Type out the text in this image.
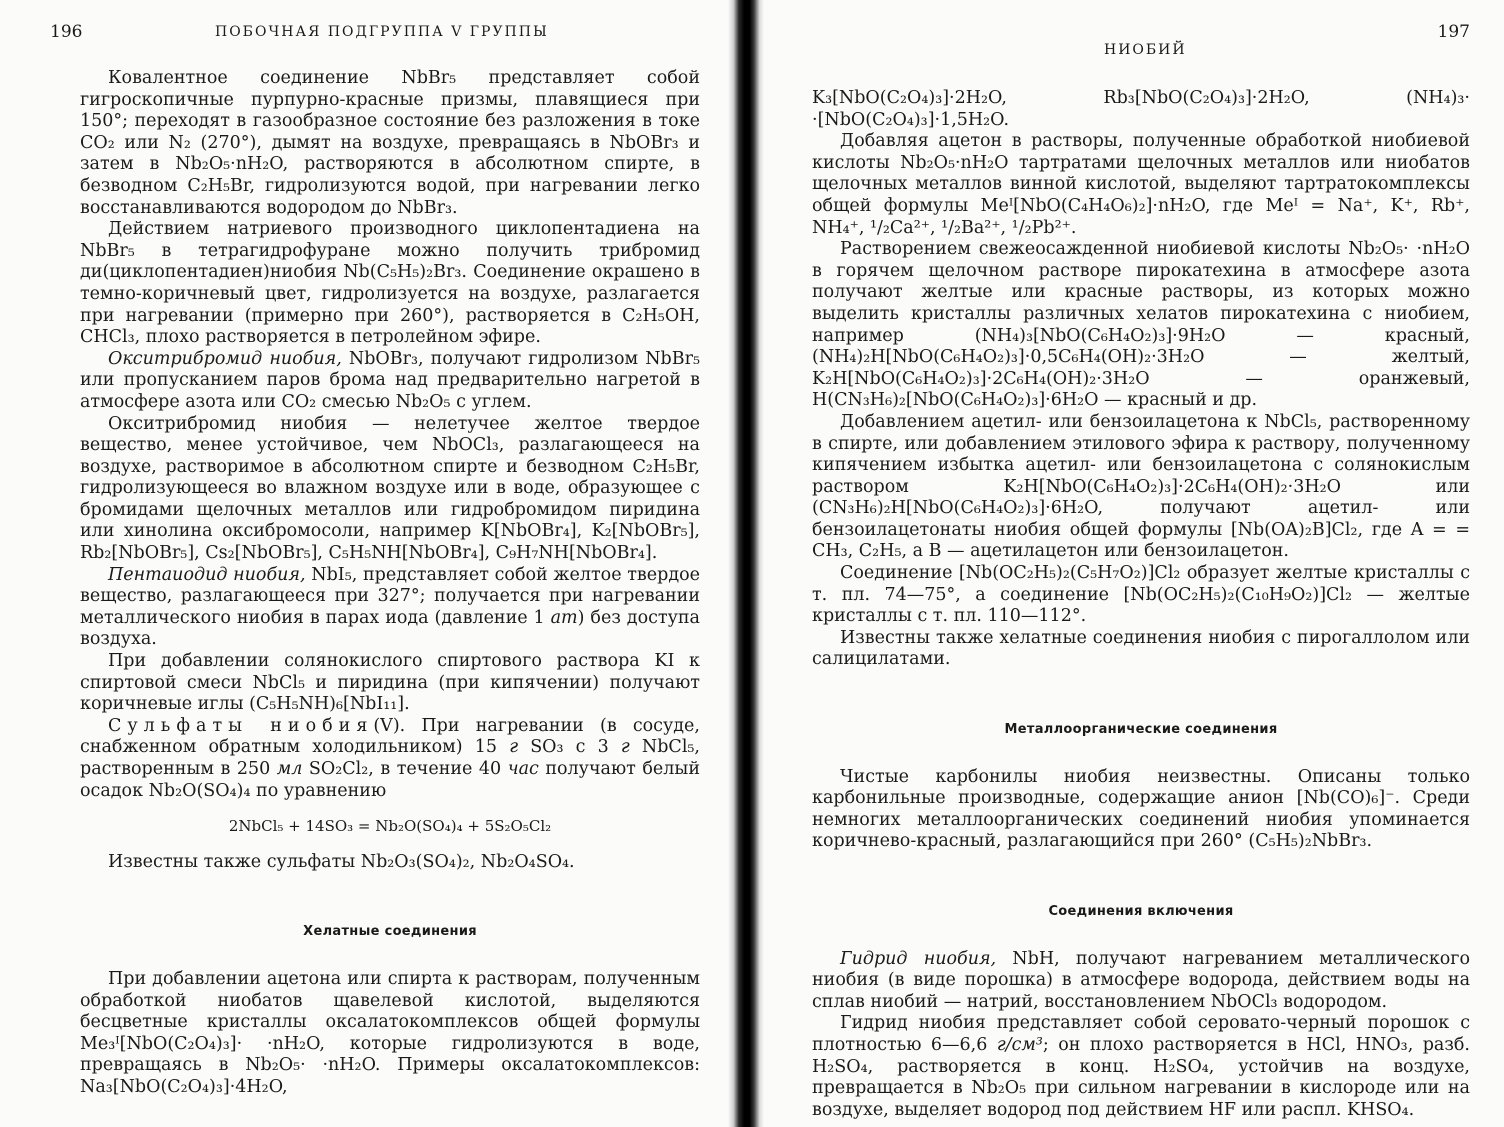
196	ПОБОЧНАЯ ПОДГРУППА V ГРУППЫ

Ковалентное соединение NbBr₅ представляет собой гигроскопичные пурпурно-красные призмы, плавящиеся при 150°; переходят в газообразное состояние без разложения в токе CO₂ или N₂ (270°), дымят на воздухе, превращаясь в NbOBr₃ и затем в Nb₂O₅·nH₂O, растворяются в абсолютном спирте, в безводном C₂H₅Br, гидролизуются водой, при нагревании легко восстанавливаются водородом до NbBr₃.

Действием натриевого производного циклопентадиена на NbBr₅ в тетрагидрофуране можно получить трибромид ди(циклопентадиен)ниобия Nb(C₅H₅)₂Br₃. Соединение окрашено в темно-коричневый цвет, гидролизуется на воздухе, разлагается при нагревании (примерно при 260°), растворяется в C₂H₅OH, CHCl₃, плохо растворяется в петролейном эфире.

Окситрибромид ниобия, NbOBr₃, получают гидролизом NbBr₅ или пропусканием паров брома над предварительно нагретой в атмосфере азота или CO₂ смесью Nb₂O₅ с углем.

Окситрибромид ниобия — нелетучее желтое твердое вещество, менее устойчивое, чем NbOCl₃, разлагающееся на воздухе, растворимое в абсолютном спирте и безводном C₂H₅Br, гидролизующееся во влажном воздухе или в воде, образующее с бромидами щелочных металлов или гидробромидом пиридина или хинолина оксибромосоли, например K[NbOBr₄], K₂[NbOBr₅], Rb₂[NbOBr₅], Cs₂[NbOBr₅], C₅H₅NH[NbOBr₄], C₉H₇NH[NbOBr₄].

Пентаиодид ниобия, NbI₅, представляет собой желтое твердое вещество, разлагающееся при 327°; получается при нагревании металлического ниобия в парах иода (давление 1 ат) без доступа воздуха.

При добавлении солянокислого спиртового раствора KI к спиртовой смеси NbCl₅ и пиридина (при кипячении) получают коричневые иглы (C₅H₅NH)₆[NbI₁₁].

Сульфаты ниобия(V). При нагревании (в сосуде, снабженном обратным холодильником) 15 г SO₃ с 3 г NbCl₅, растворенным в 250 мл SO₂Cl₂, в течение 40 час получают белый осадок Nb₂O(SO₄)₄ по уравнению

2NbCl₅ + 14SO₃ = Nb₂O(SO₄)₄ + 5S₂O₅Cl₂

Известны также сульфаты Nb₂O₃(SO₄)₂, Nb₂O₄SO₄.

Хелатные соединения

При добавлении ацетона или спирта к растворам, полученным обработкой ниобатов щавелевой кислотой, выделяются бесцветные кристаллы оксалатокомплексов общей формулы Me₃ᴵ[NbO(C₂O₄)₃]· ·nH₂O, которые гидролизуются в воде, превращаясь в Nb₂O₅· ·nH₂O. Примеры оксалатокомплексов: Na₃[NbO(C₂O₄)₃]·4H₂O,

НИОБИЙ
197

K₃[NbO(C₂O₄)₃]·2H₂O, Rb₃[NbO(C₂O₄)₃]·2H₂O, (NH₄)₃· ·[NbO(C₂O₄)₃]·1,5H₂O.

Добавляя ацетон в растворы, полученные обработкой ниобиевой кислоты Nb₂O₅·nH₂O тартратами щелочных металлов или ниобатов щелочных металлов винной кислотой, выделяют тартратокомплексы общей формулы Meᴵ[NbO(C₄H₄O₆)₂]·nH₂O, где Meᴵ = Na⁺, K⁺, Rb⁺, NH₄⁺, ¹/₂Ca²⁺, ¹/₂Ba²⁺, ¹/₂Pb²⁺.

Растворением свежеосажденной ниобиевой кислоты Nb₂O₅· ·nH₂O в горячем щелочном растворе пирокатехина в атмосфере азота получают желтые или красные растворы, из которых можно выделить кристаллы различных хелатов пирокатехина с ниобием, например (NH₄)₃[NbO(C₆H₄O₂)₃]·9H₂O — красный, (NH₄)₂H[NbO(C₆H₄O₂)₃]·0,5C₆H₄(OH)₂·3H₂O — желтый, K₂H[NbO(C₆H₄O₂)₃]·2C₆H₄(OH)₂·3H₂O — оранжевый, H(CN₃H₆)₂[NbO(C₆H₄O₂)₃]·6H₂O — красный и др.

Добавлением ацетил- или бензоилацетона к NbCl₅, растворенному в спирте, или добавлением этилового эфира к раствору, полученному кипячением избытка ацетил- или бензоилацетона с солянокислым раствором K₂H[NbO(C₆H₄O₂)₃]·2C₆H₄(OH)₂·3H₂O или (CN₃H₆)₂H[NbO(C₆H₄O₂)₃]·6H₂O, получают ацетил- или бензоилацетонаты ниобия общей формулы [Nb(OA)₂B]Cl₂, где A = = CH₃, C₂H₅, а B — ацетилацетон или бензоилацетон.

Соединение [Nb(OC₂H₅)₂(C₅H₇O₂)]Cl₂ образует желтые кристаллы с т. пл. 74—75°, а соединение [Nb(OC₂H₅)₂(C₁₀H₉O₂)]Cl₂ — желтые кристаллы с т. пл. 110—112°.

Известны также хелатные соединения ниобия с пирогаллолом или салицилатами.

Металлоорганические соединения

Чистые карбонилы ниобия неизвестны. Описаны только карбонильные производные, содержащие анион [Nb(CO)₆]⁻. Среди немногих металлоорганических соединений ниобия упоминается коричнево-красный, разлагающийся при 260° (C₅H₅)₂NbBr₃.

Соединения включения

Гидрид ниобия, NbH, получают нагреванием металлического ниобия (в виде порошка) в атмосфере водорода, действием воды на сплав ниобий — натрий, восстановлением NbOCl₃ водородом.

Гидрид ниобия представляет собой серовато-черный порошок с плотностью 6—6,6 г/см³; он плохо растворяется в HCl, HNO₃, разб. H₂SO₄, растворяется в конц. H₂SO₄, устойчив на воздухе, превращается в Nb₂O₅ при сильном нагревании в кислороде или на воздухе, выделяет водород под действием HF или распл. KHSO₄.
